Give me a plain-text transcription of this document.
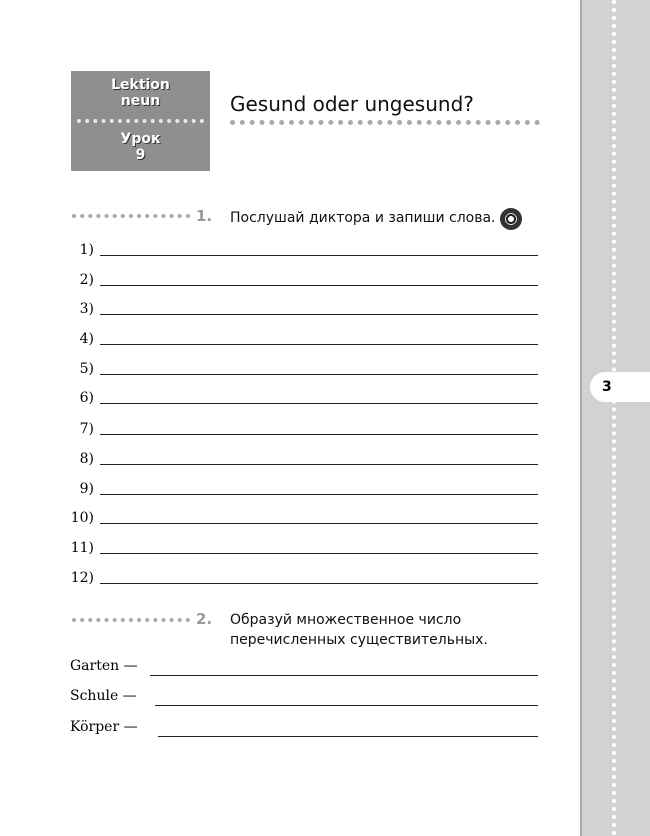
3
Lektion
neun
Урок
9
Gesund oder ungesund?
1. Послушай диктора и запиши слова.
1)
2)
3)
4)
5)
6)
7)
8)
9)
10)
11)
12)
2. Образуй множественное число
перечисленных существительных.
Garten —
Schule —
Körper —
